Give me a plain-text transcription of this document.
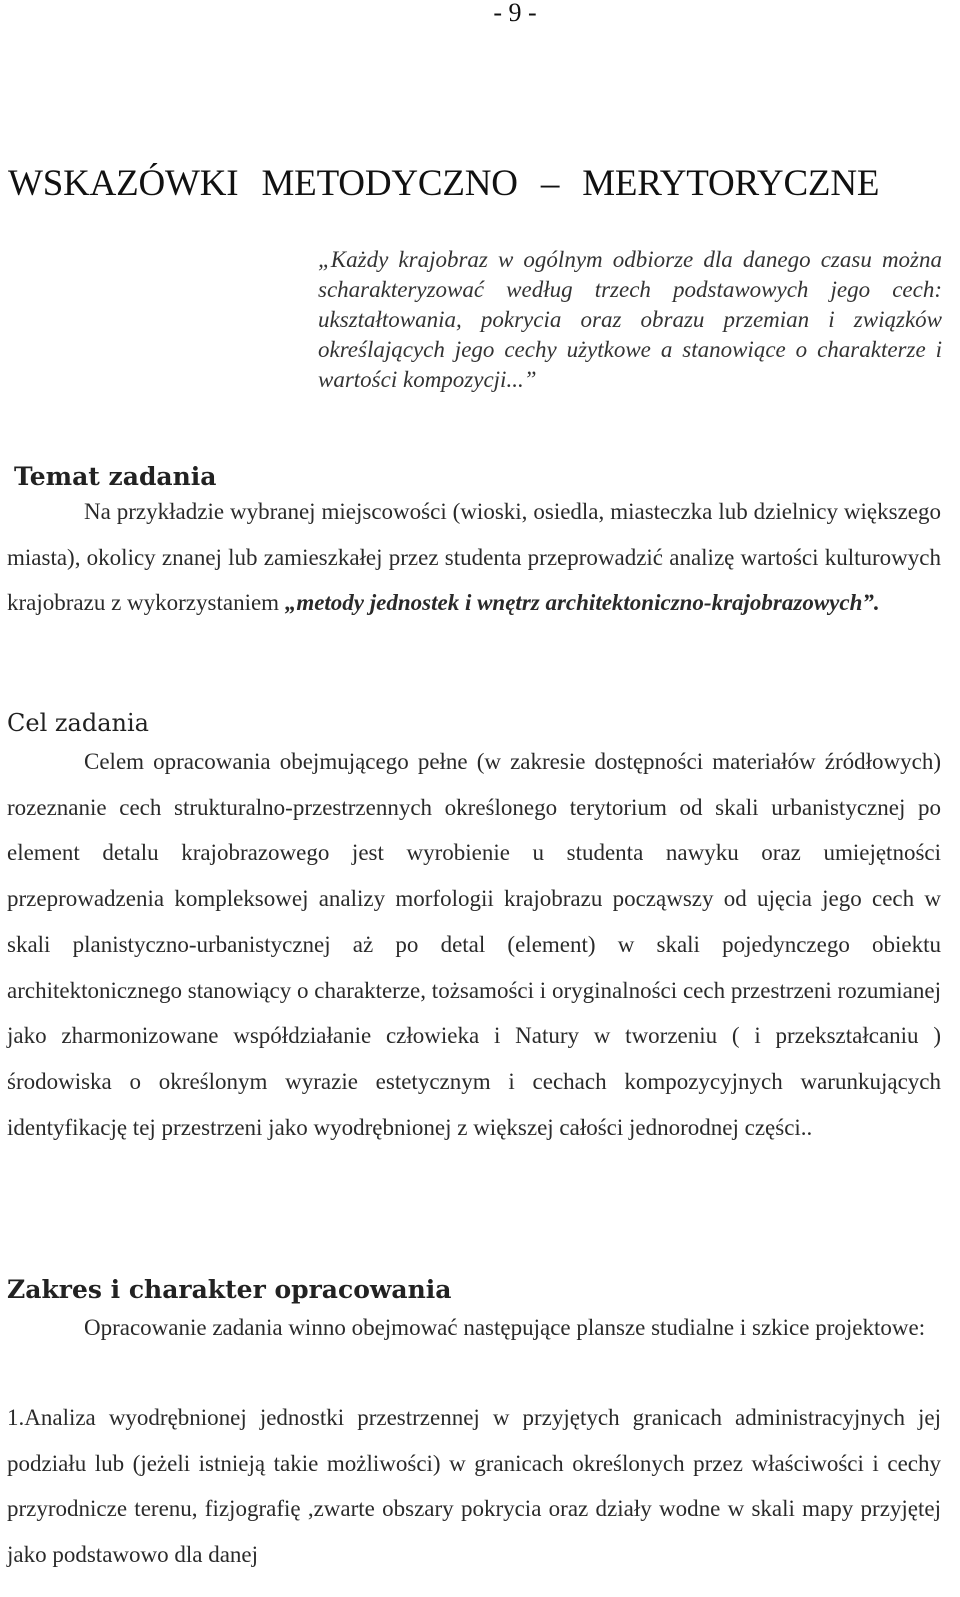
- 9 -
WSKAZÓWKI METODYCZNO – MERYTORYCZNE
„Każdy krajobraz w ogólnym odbiorze dla danego czasu można scharakteryzować według trzech podstawowych jego cech: ukształtowania, pokrycia oraz obrazu przemian i związków określających jego cechy użytkowe a stanowiące o charakterze i wartości kompozycji...”
Temat zadania

Na przykładzie wybranej miejscowości (wioski, osiedla, miasteczka lub dzielnicy większego miasta), okolicy znanej lub zamieszkałej przez studenta przeprowadzić analizę wartości kulturowych krajobrazu z wykorzystaniem „metody jednostek i wnętrz architektoniczno-krajobrazowych”.

Cel zadania

Celem opracowania obejmującego pełne (w zakresie dostępności materiałów źródłowych) rozeznanie cech strukturalno-przestrzennych określonego terytorium od skali urbanistycznej po element detalu krajobrazowego jest wyrobienie u studenta nawyku oraz umiejętności przeprowadzenia kompleksowej analizy morfologii krajobrazu począwszy od ujęcia jego cech w skali planistyczno-urbanistycznej aż po detal (element) w skali pojedynczego obiektu architektonicznego stanowiący o charakterze, tożsamości i oryginalności cech przestrzeni rozumianej jako zharmonizowane współdziałanie człowieka i Natury w tworzeniu ( i przekształcaniu ) środowiska o określonym wyrazie estetycznym i cechach kompozycyjnych warunkujących identyfikację tej przestrzeni jako wyodrębnionej z większej całości jednorodnej części..

Zakres i charakter opracowania

Opracowanie zadania winno obejmować następujące plansze studialne i szkice projektowe:

1.Analiza wyodrębnionej jednostki przestrzennej w przyjętych granicach administracyjnych jej podziału lub (jeżeli istnieją takie możliwości) w granicach określonych przez właściwości i cechy przyrodnicze terenu, fizjografię ,zwarte obszary pokrycia oraz działy wodne w skali mapy przyjętej jako podstawowo dla danej
